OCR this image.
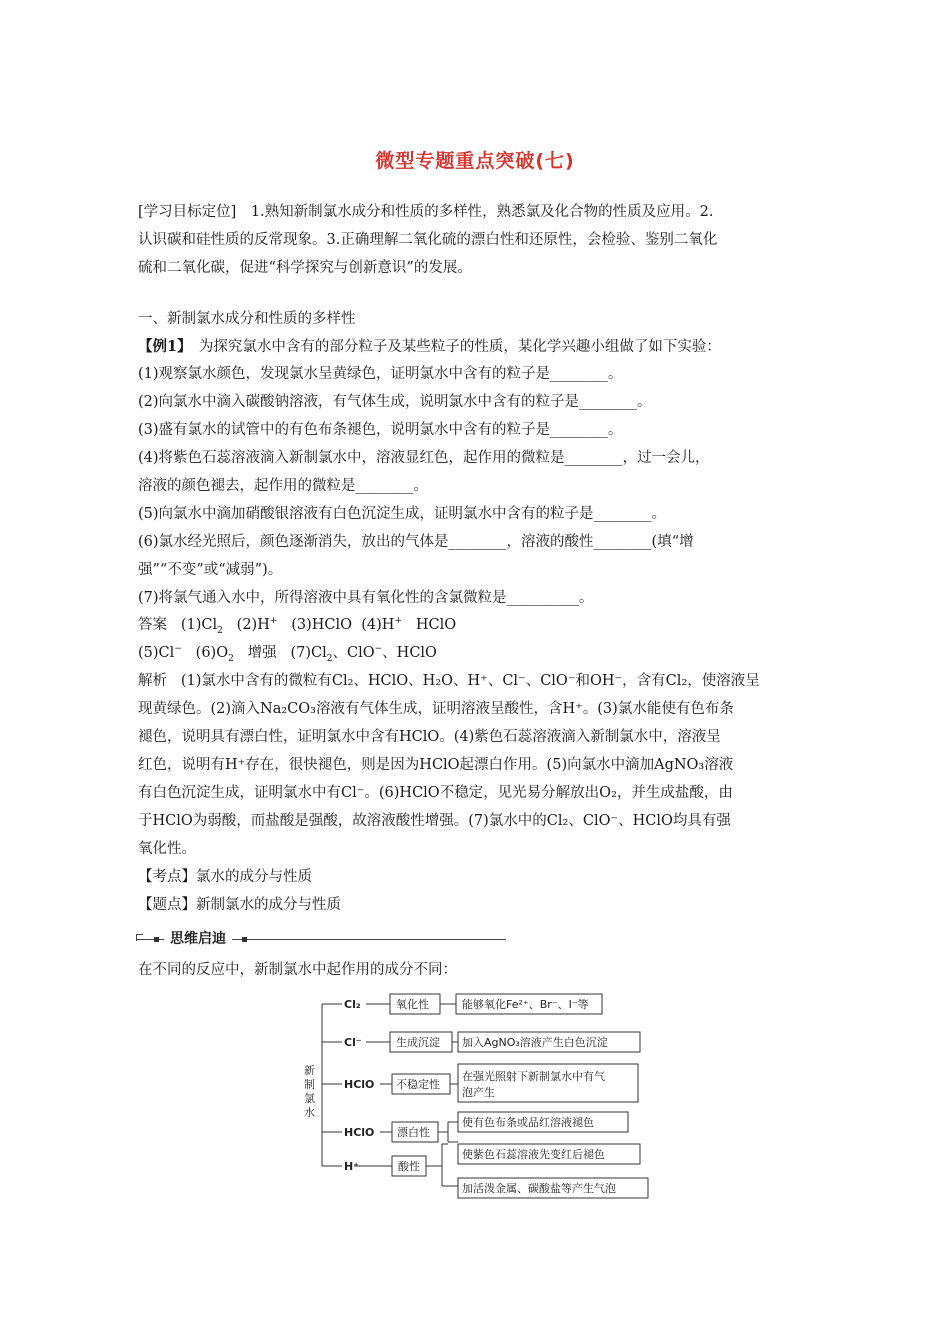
微型专题重点突破(七)
[学习目标定位]　1.熟知新制氯水成分和性质的多样性，熟悉氯及化合物的性质及应用。2.
认识碳和硅性质的反常现象。3.正确理解二氧化硫的漂白性和还原性，会检验、鉴别二氧化
硫和二氧化碳，促进“科学探究与创新意识”的发展。
一、新制氯水成分和性质的多样性
【例1】　为探究氯水中含有的部分粒子及某些粒子的性质，某化学兴趣小组做了如下实验：
(1)观察氯水颜色，发现氯水呈黄绿色，证明氯水中含有的粒子是________。
(2)向氯水中滴入碳酸钠溶液，有气体生成，说明氯水中含有的粒子是________。
(3)盛有氯水的试管中的有色布条褪色，说明氯水中含有的粒子是________。
(4)将紫色石蕊溶液滴入新制氯水中，溶液显红色，起作用的微粒是________，过一会儿，
溶液的颜色褪去，起作用的微粒是________。
(5)向氯水中滴加硝酸银溶液有白色沉淀生成，证明氯水中含有的粒子是________。
(6)氯水经光照后，颜色逐渐消失，放出的气体是________，溶液的酸性________(填“增
强”“不变”或“减弱”)。
(7)将氯气通入水中，所得溶液中具有氧化性的含氯微粒是__________。
答案 $(1)Cl_2$ (2)H+ (3)HClO (4)H+ HClO
(5)Cl− $(6)O_2$ 增强 $(7)Cl_2$、ClO−、HClO
解析 (1)氯水中含有的微粒有Cl₂、HClO、H₂O、H⁺、Cl⁻、ClO⁻和OH⁻，含有Cl₂，使溶液呈
现黄绿色。(2)滴入Na₂CO₃溶液有气体生成，证明溶液呈酸性，含H⁺。(3)氯水能使有色布条
褪色，说明具有漂白性，证明氯水中含有HClO。(4)紫色石蕊溶液滴入新制氯水中，溶液呈
红色，说明有H⁺存在，很快褪色，则是因为HClO起漂白作用。(5)向氯水中滴加AgNO₃溶液
有白色沉淀生成，证明氯水中有Cl⁻。(6)HClO不稳定，见光易分解放出O₂，并生成盐酸，由
于HClO为弱酸，而盐酸是强酸，故溶液酸性增强。(7)氯水中的Cl₂、ClO⁻、HClO均具有强
氧化性。
【考点】氯水的成分与性质
【题点】新制氯水的成分与性质
思维启迪
在不同的反应中，新制氯水中起作用的成分不同：
新
制
氯
水
Cl₂
Cl⁻
HClO
HClO
H⁺
氧化性
生成沉淀
不稳定性
漂白性
酸性
能够氧化Fe²⁺、Br⁻、I⁻等
加入AgNO₃溶液产生白色沉淀
在强光照射下新制氯水中有气
泡产生
使有色布条或品红溶液褪色
使紫色石蕊溶液先变红后褪色
加活泼金属、碳酸盐等产生气泡
